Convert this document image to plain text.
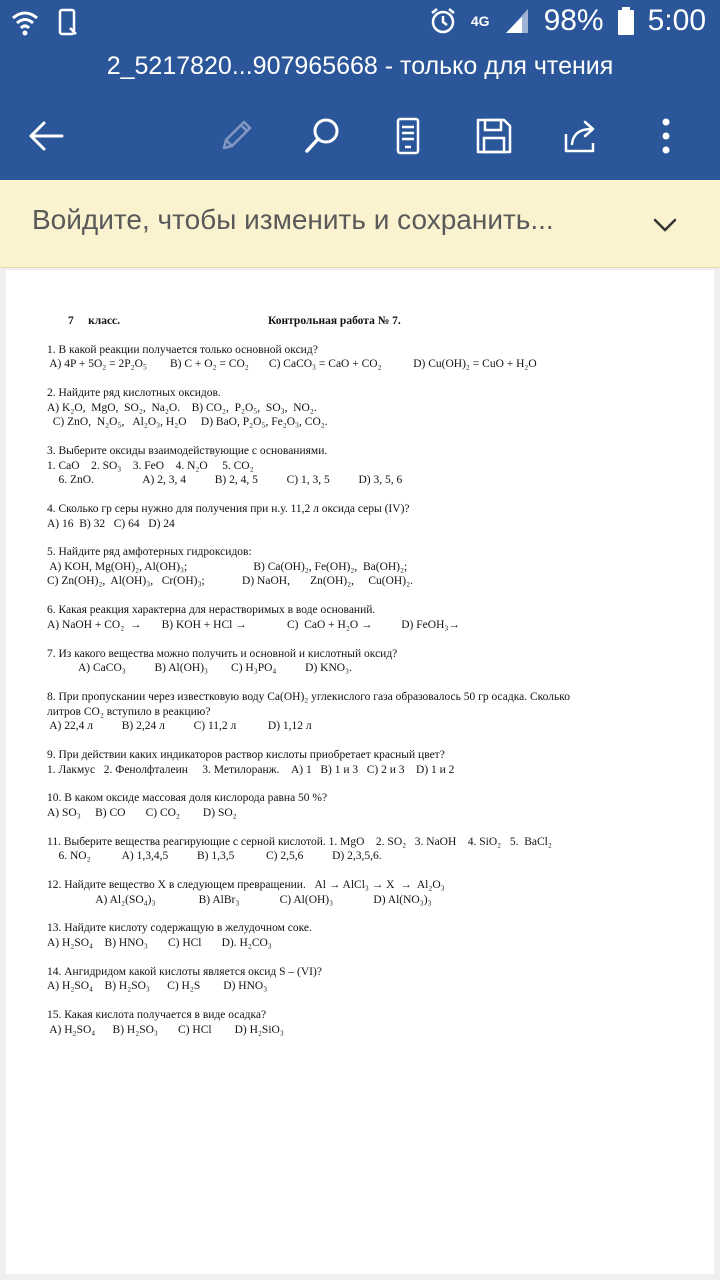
4G 98% 5:00
2_5217820...907965668 - только для чтения
Войдите, чтобы изменить и сохранить...
7     класс.	Контрольная работа № 7.
1. В какой реакции получается только основной оксид?
A) 4P + 5O₂ = 2P₂O₅        B) C + O₂ = CO₂       C) CaCO₃ = CaO + CO₂           D) Cu(OH)₂ = CuO + H₂O
2. Найдите ряд кислотных оксидов.
A) K₂O,  MgO,  SO₂,  Na₂O.    B) CO₂,  P₂O₅,  SO₃,  NO₂.
C) ZnO,  N₂O₅,   Al₂O₃, H₂O     D) BaO, P₂O₅, Fe₂O₃, CO₂.
3. Выберите оксиды взаимодействующие с основаниями.
1. CaO    2. SO₃    3. FeO    4. N₂O     5. CO₂
6. ZnO.                 A) 2, 3, 4          B) 2, 4, 5          C) 1, 3, 5          D) 3, 5, 6
4. Сколько гр серы нужно для получения при н.у. 11,2 л оксида серы (IV)?
A) 16  B) 32   C) 64   D) 24
5. Найдите ряд амфотерных гидроксидов:
A) KOH, Mg(OH)₂, Al(OH)₃;                       B) Ca(OH)₂, Fe(OH)₂,  Ba(OH)₂;
C) Zn(OH)₂,  Al(OH)₃,   Cr(OH)₃;             D) NaOH,       Zn(OH)₂,     Cu(OH)₂.
6. Какая реакция характерна для нерастворимых в воде оснований.
A) NaOH + CO₂  →       B) KOH + HCl →              C)  CaO + H₂O →          D) FeOH₃→
7. Из какого вещества можно получить и основной и кислотный оксид?
A) CaCO₃          B) Al(OH)₃        C) H₃PO₄          D) KNO₃.
8. При пропускании через известковую воду Ca(OH)₂ углекислого газа образовалось 50 гр осадка. Сколько
литров CO₂ вступило в реакцию?
A) 22,4 л          B) 2,24 л          C) 11,2 л           D) 1,12 л
9. При действии каких индикаторов раствор кислоты приобретает красный цвет?
1. Лакмус   2. Фенолфталеин     3. Метилоранж.    A) 1   B) 1 и 3   C) 2 и 3    D) 1 и 2
10. В каком оксиде массовая доля кислорода равна 50 %?
A) SO₃     B) CO       C) CO₂        D) SO₂
11. Выберите вещества реагирующие с серной кислотой. 1. MgO    2. SO₂   3. NaOH    4. SiO₂   5.  BaCl₂
6. NO₂           A) 1,3,4,5          B) 1,3,5           C) 2,5,6          D) 2,3,5,6.
12. Найдите вещество X в следующем превращении.   Al → AlCl₃ → X  →  Al₂O₃
A) Al₂(SO₄)₃               B) AlBr₃              C) Al(OH)₃              D) Al(NO₃)₃
13. Найдите кислоту содержащую в желудочном соке.
A) H₂SO₄    B) HNO₃       C) HCl       D). H₂CO₃
14. Ангидридом какой кислоты является оксид S – (VI)?
A) H₂SO₄    B) H₂SO₃      C) H₂S        D) HNO₃
15. Какая кислота получается в виде осадка?
A) H₂SO₄      B) H₂SO₃       C) HCl        D) H₂SiO₃
